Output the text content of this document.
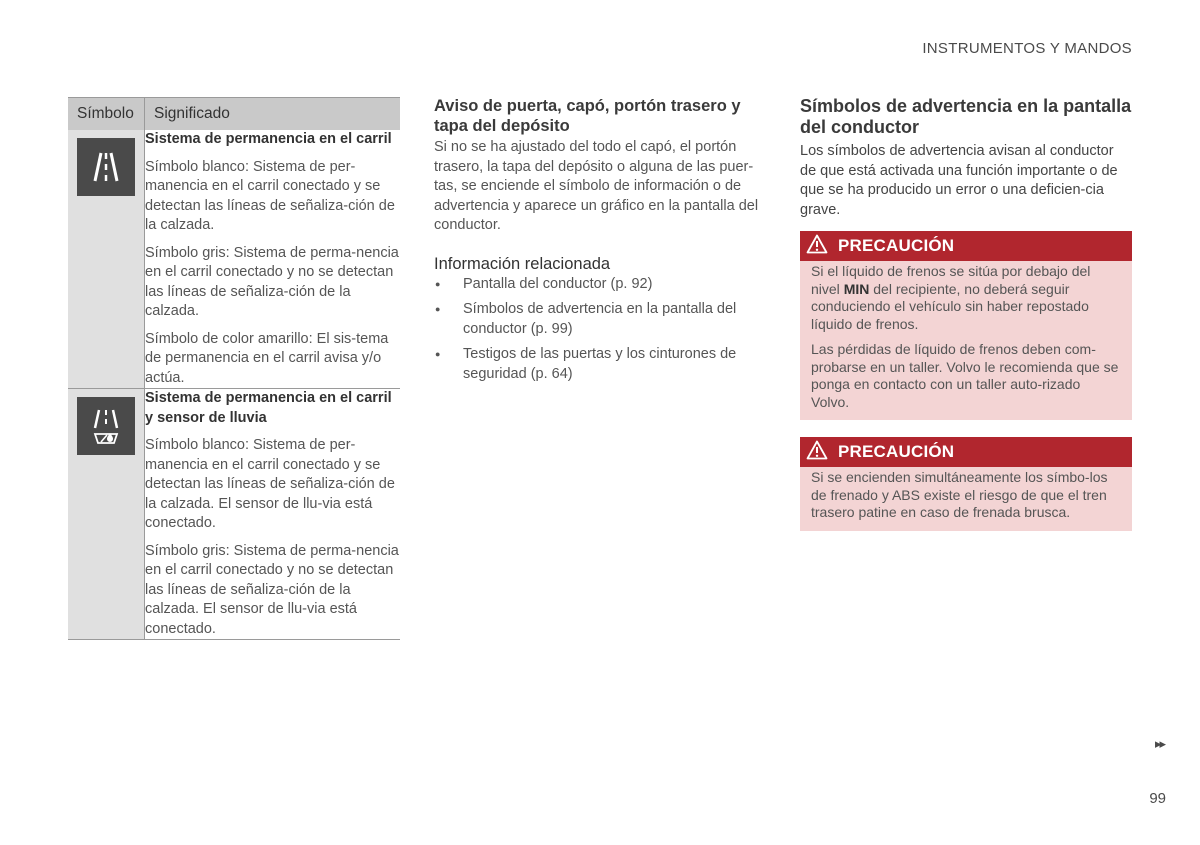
INSTRUMENTOS Y MANDOS
Símbolo	Significado

Sistema de permanencia en el carril

Símbolo blanco: Sistema de per-manencia en el carril conectado y se detectan las líneas de señaliza-ción de la calzada.

Símbolo gris: Sistema de perma-nencia en el carril conectado y no se detectan las líneas de señaliza-ción de la calzada.

Símbolo de color amarillo: El sis-tema de permanencia en el carril avisa y/o actúa.

Sistema de permanencia en el carril y sensor de lluvia

Símbolo blanco: Sistema de per-manencia en el carril conectado y se detectan las líneas de señaliza-ción de la calzada. El sensor de llu-via está conectado.

Símbolo gris: Sistema de perma-nencia en el carril conectado y no se detectan las líneas de señaliza-ción de la calzada. El sensor de llu-via está conectado.

Aviso de puerta, capó, portón trasero y tapa del depósito

Si no se ha ajustado del todo el capó, el portón trasero, la tapa del depósito o alguna de las puer-tas, se enciende el símbolo de información o de advertencia y aparece un gráfico en la pantalla del conductor.

Información relacionada
● Pantalla del conductor (p. 92)
● Símbolos de advertencia en la pantalla del conductor (p. 99)
● Testigos de las puertas y los cinturones de seguridad (p. 64)
Símbolos de advertencia en la pantalla del conductor

Los símbolos de advertencia avisan al conductor de que está activada una función importante o de que se ha producido un error o una deficien-cia grave.

PRECAUCIÓN

Si el líquido de frenos se sitúa por debajo del nivel MIN del recipiente, no deberá seguir conduciendo el vehículo sin haber repostado líquido de frenos.

Las pérdidas de líquido de frenos deben com-probarse en un taller. Volvo le recomienda que se ponga en contacto con un taller auto-rizado Volvo.

PRECAUCIÓN

Si se encienden simultáneamente los símbo-los de frenado y ABS existe el riesgo de que el tren trasero patine en caso de frenada brusca.

▸▸
99
